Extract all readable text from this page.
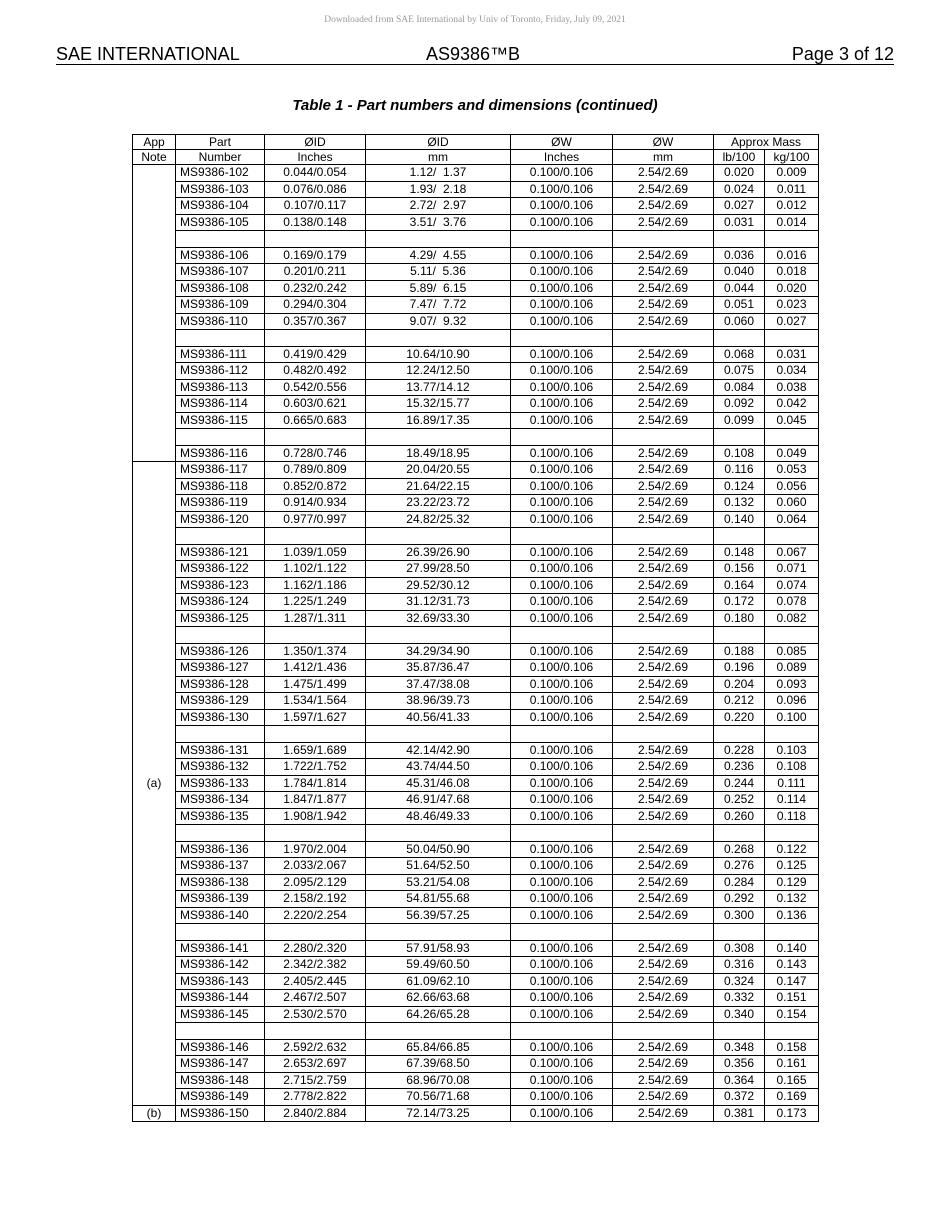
Downloaded from SAE International by Univ of Toronto, Friday, July 09, 2021
SAE INTERNATIONAL	AS9386™B	Page 3 of 12
Table 1 - Part numbers and dimensions (continued)
App	Part	ØID	ØID	ØW	ØW	Approx Mass	
Note	Number	Inches	mm	Inches	mm	lb/100	kg/100
	MS9386-102	0.044/0.054	1.12/  1.37	0.100/0.106	2.54/2.69	0.020	0.009
	MS9386-103	0.076/0.086	1.93/  2.18	0.100/0.106	2.54/2.69	0.024	0.011
	MS9386-104	0.107/0.117	2.72/  2.97	0.100/0.106	2.54/2.69	0.027	0.012
	MS9386-105	0.138/0.148	3.51/  3.76	0.100/0.106	2.54/2.69	0.031	0.014

	MS9386-106	0.169/0.179	4.29/  4.55	0.100/0.106	2.54/2.69	0.036	0.016
	MS9386-107	0.201/0.211	5.11/  5.36	0.100/0.106	2.54/2.69	0.040	0.018
	MS9386-108	0.232/0.242	5.89/  6.15	0.100/0.106	2.54/2.69	0.044	0.020
	MS9386-109	0.294/0.304	7.47/  7.72	0.100/0.106	2.54/2.69	0.051	0.023
	MS9386-110	0.357/0.367	9.07/  9.32	0.100/0.106	2.54/2.69	0.060	0.027

	MS9386-111	0.419/0.429	10.64/10.90	0.100/0.106	2.54/2.69	0.068	0.031
	MS9386-112	0.482/0.492	12.24/12.50	0.100/0.106	2.54/2.69	0.075	0.034
	MS9386-113	0.542/0.556	13.77/14.12	0.100/0.106	2.54/2.69	0.084	0.038
	MS9386-114	0.603/0.621	15.32/15.77	0.100/0.106	2.54/2.69	0.092	0.042
	MS9386-115	0.665/0.683	16.89/17.35	0.100/0.106	2.54/2.69	0.099	0.045

	MS9386-116	0.728/0.746	18.49/18.95	0.100/0.106	2.54/2.69	0.108	0.049
(a)	MS9386-117	0.789/0.809	20.04/20.55	0.100/0.106	2.54/2.69	0.116	0.053
	MS9386-118	0.852/0.872	21.64/22.15	0.100/0.106	2.54/2.69	0.124	0.056
	MS9386-119	0.914/0.934	23.22/23.72	0.100/0.106	2.54/2.69	0.132	0.060
	MS9386-120	0.977/0.997	24.82/25.32	0.100/0.106	2.54/2.69	0.140	0.064

	MS9386-121	1.039/1.059	26.39/26.90	0.100/0.106	2.54/2.69	0.148	0.067
	MS9386-122	1.102/1.122	27.99/28.50	0.100/0.106	2.54/2.69	0.156	0.071
	MS9386-123	1.162/1.186	29.52/30.12	0.100/0.106	2.54/2.69	0.164	0.074
	MS9386-124	1.225/1.249	31.12/31.73	0.100/0.106	2.54/2.69	0.172	0.078
	MS9386-125	1.287/1.311	32.69/33.30	0.100/0.106	2.54/2.69	0.180	0.082

	MS9386-126	1.350/1.374	34.29/34.90	0.100/0.106	2.54/2.69	0.188	0.085
	MS9386-127	1.412/1.436	35.87/36.47	0.100/0.106	2.54/2.69	0.196	0.089
	MS9386-128	1.475/1.499	37.47/38.08	0.100/0.106	2.54/2.69	0.204	0.093
	MS9386-129	1.534/1.564	38.96/39.73	0.100/0.106	2.54/2.69	0.212	0.096
	MS9386-130	1.597/1.627	40.56/41.33	0.100/0.106	2.54/2.69	0.220	0.100

	MS9386-131	1.659/1.689	42.14/42.90	0.100/0.106	2.54/2.69	0.228	0.103
	MS9386-132	1.722/1.752	43.74/44.50	0.100/0.106	2.54/2.69	0.236	0.108
	MS9386-133	1.784/1.814	45.31/46.08	0.100/0.106	2.54/2.69	0.244	0.111
	MS9386-134	1.847/1.877	46.91/47.68	0.100/0.106	2.54/2.69	0.252	0.114
	MS9386-135	1.908/1.942	48.46/49.33	0.100/0.106	2.54/2.69	0.260	0.118

	MS9386-136	1.970/2.004	50.04/50.90	0.100/0.106	2.54/2.69	0.268	0.122
	MS9386-137	2.033/2.067	51.64/52.50	0.100/0.106	2.54/2.69	0.276	0.125
	MS9386-138	2.095/2.129	53.21/54.08	0.100/0.106	2.54/2.69	0.284	0.129
	MS9386-139	2.158/2.192	54.81/55.68	0.100/0.106	2.54/2.69	0.292	0.132
	MS9386-140	2.220/2.254	56.39/57.25	0.100/0.106	2.54/2.69	0.300	0.136

	MS9386-141	2.280/2.320	57.91/58.93	0.100/0.106	2.54/2.69	0.308	0.140
	MS9386-142	2.342/2.382	59.49/60.50	0.100/0.106	2.54/2.69	0.316	0.143
	MS9386-143	2.405/2.445	61.09/62.10	0.100/0.106	2.54/2.69	0.324	0.147
	MS9386-144	2.467/2.507	62.66/63.68	0.100/0.106	2.54/2.69	0.332	0.151
	MS9386-145	2.530/2.570	64.26/65.28	0.100/0.106	2.54/2.69	0.340	0.154

	MS9386-146	2.592/2.632	65.84/66.85	0.100/0.106	2.54/2.69	0.348	0.158
	MS9386-147	2.653/2.697	67.39/68.50	0.100/0.106	2.54/2.69	0.356	0.161
	MS9386-148	2.715/2.759	68.96/70.08	0.100/0.106	2.54/2.69	0.364	0.165
	MS9386-149	2.778/2.822	70.56/71.68	0.100/0.106	2.54/2.69	0.372	0.169
(b)	MS9386-150	2.840/2.884	72.14/73.25	0.100/0.106	2.54/2.69	0.381	0.173
